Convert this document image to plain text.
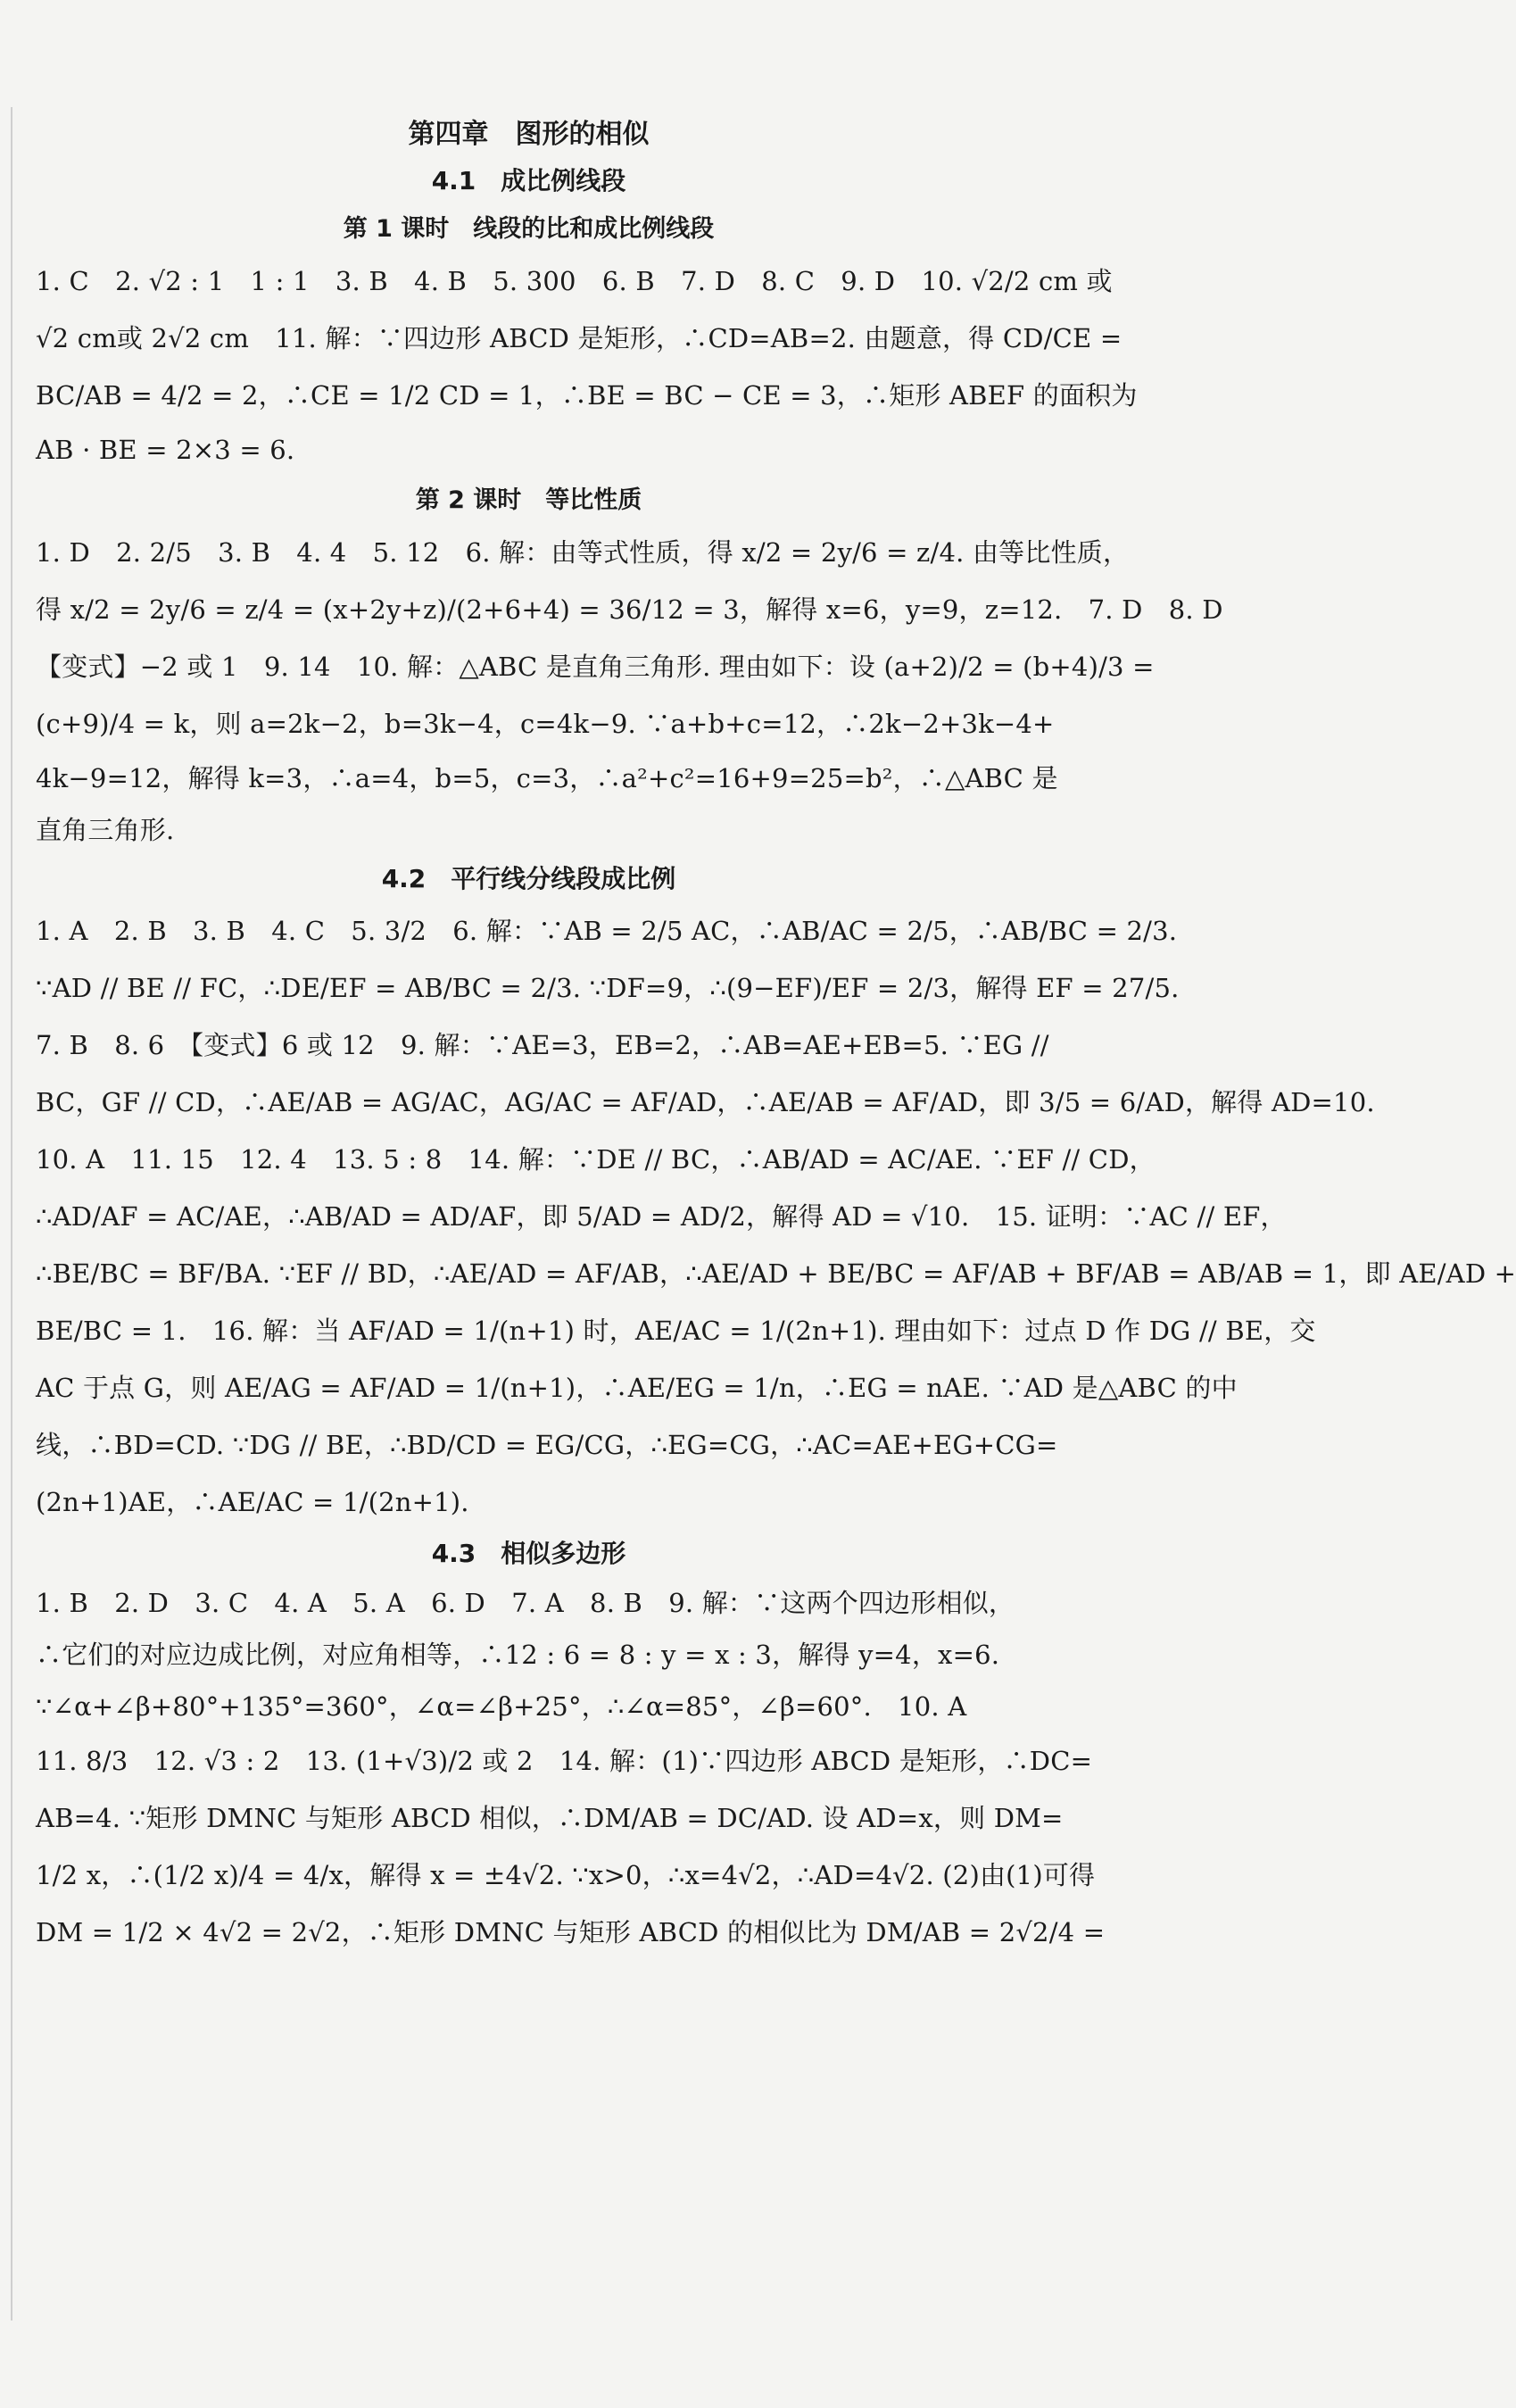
第四章　图形的相似
4.1　成比例线段
第 1 课时　线段的比和成比例线段

1. C　2. √2 : 1　1 : 1　3. B　4. B　5. 300　6. B　7. D　8. C　9. D　10. √2/2 cm 或

√2 cm或 2√2 cm　11. 解：∵四边形 ABCD 是矩形，∴CD=AB=2. 由题意，得 CD/CE =

BC/AB = 4/2 = 2，∴CE = 1/2 CD = 1，∴BE = BC − CE = 3，∴矩形 ABEF 的面积为

AB · BE = 2×3 = 6.

第 2 课时　等比性质

1. D　2. 2/5　3. B　4. 4　5. 12　6. 解：由等式性质，得 x/2 = 2y/6 = z/4. 由等比性质，

得 x/2 = 2y/6 = z/4 = (x+2y+z)/(2+6+4) = 36/12 = 3，解得 x=6，y=9，z=12.　7. D　8. D

【变式】−2 或 1　9. 14　10. 解：△ABC 是直角三角形. 理由如下：设 (a+2)/2 = (b+4)/3 =

(c+9)/4 = k，则 a=2k−2，b=3k−4，c=4k−9. ∵a+b+c=12，∴2k−2+3k−4+

4k−9=12，解得 k=3，∴a=4，b=5，c=3，∴a²+c²=16+9=25=b²，∴△ABC 是

直角三角形.

4.2　平行线分线段成比例

1. A　2. B　3. B　4. C　5. 3/2　6. 解：∵AB = 2/5 AC，∴AB/AC = 2/5，∴AB/BC = 2/3.

∵AD // BE // FC，∴DE/EF = AB/BC = 2/3. ∵DF=9，∴(9−EF)/EF = 2/3，解得 EF = 27/5.

7. B　8. 6　【变式】6 或 12　9. 解：∵AE=3，EB=2，∴AB=AE+EB=5. ∵EG //

BC，GF // CD，∴AE/AB = AG/AC，AG/AC = AF/AD，∴AE/AB = AF/AD，即 3/5 = 6/AD，解得 AD=10.

10. A　11. 15　12. 4　13. 5 : 8　14. 解：∵DE // BC，∴AB/AD = AC/AE. ∵EF // CD，

∴AD/AF = AC/AE，∴AB/AD = AD/AF，即 5/AD = AD/2，解得 AD = √10.　15. 证明：∵AC // EF，

∴BE/BC = BF/BA. ∵EF // BD，∴AE/AD = AF/AB，∴AE/AD + BE/BC = AF/AB + BF/AB = AB/AB = 1，即 AE/AD +

BE/BC = 1.　16. 解：当 AF/AD = 1/(n+1) 时，AE/AC = 1/(2n+1). 理由如下：过点 D 作 DG // BE，交

AC 于点 G，则 AE/AG = AF/AD = 1/(n+1)，∴AE/EG = 1/n，∴EG = nAE. ∵AD 是△ABC 的中

线，∴BD=CD. ∵DG // BE，∴BD/CD = EG/CG，∴EG=CG，∴AC=AE+EG+CG=

(2n+1)AE，∴AE/AC = 1/(2n+1).

4.3　相似多边形

1. B　2. D　3. C　4. A　5. A　6. D　7. A　8. B　9. 解：∵这两个四边形相似，

∴它们的对应边成比例，对应角相等，∴12 : 6 = 8 : y = x : 3，解得 y=4，x=6.

∵∠α+∠β+80°+135°=360°，∠α=∠β+25°，∴∠α=85°，∠β=60°.　10. A

11. 8/3　12. √3 : 2　13. (1+√3)/2 或 2　14. 解：(1)∵四边形 ABCD 是矩形，∴DC=

AB=4. ∵矩形 DMNC 与矩形 ABCD 相似，∴DM/AB = DC/AD. 设 AD=x，则 DM=

1/2 x，∴(1/2 x)/4 = 4/x，解得 x = ±4√2. ∵x>0，∴x=4√2，∴AD=4√2. (2)由(1)可得

DM = 1/2 × 4√2 = 2√2，∴矩形 DMNC 与矩形 ABCD 的相似比为 DM/AB = 2√2/4 =
